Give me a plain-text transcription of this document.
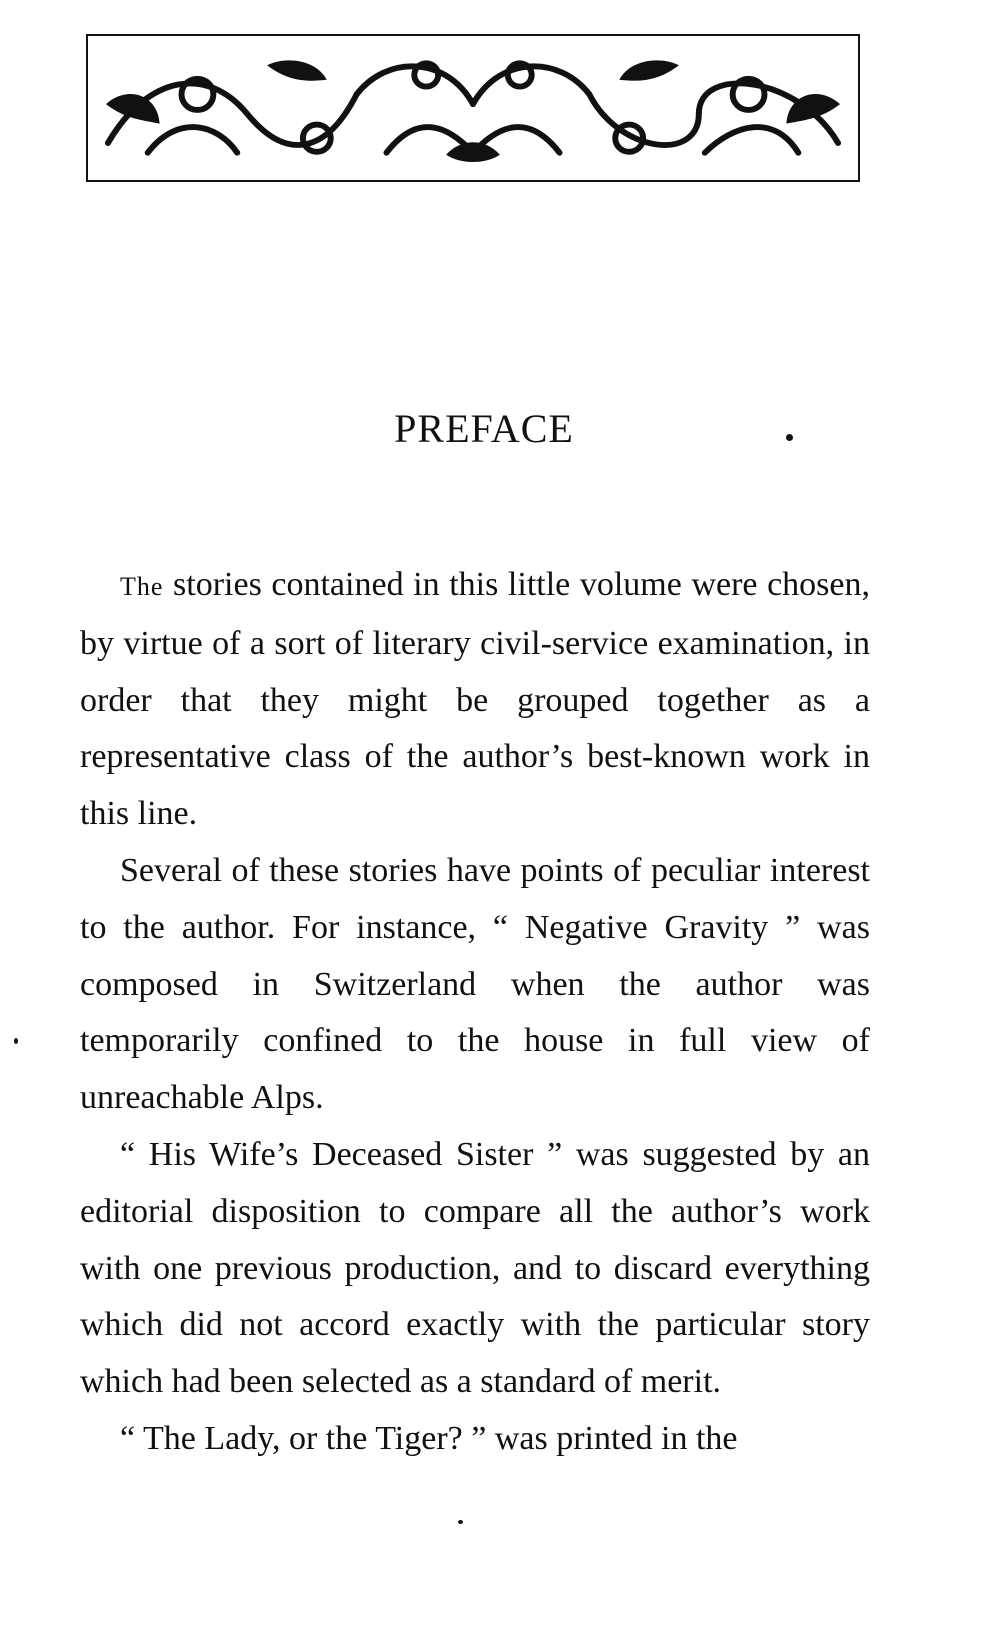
PREFACE

The stories contained in this little volume were chosen, by virtue of a sort of literary civil-service examination, in order that they might be grouped together as a representative class of the author’s best-known work in this line.

Several of these stories have points of peculiar interest to the author. For instance, “ Negative Gravity ” was composed in Switzerland when the author was temporarily confined to the house in full view of unreachable Alps.

“ His Wife’s Deceased Sister ” was suggested by an editorial disposition to compare all the author’s work with one previous production, and to discard everything which did not accord exactly with the particular story which had been selected as a standard of merit.

“ The Lady, or the Tiger? ” was printed in the
